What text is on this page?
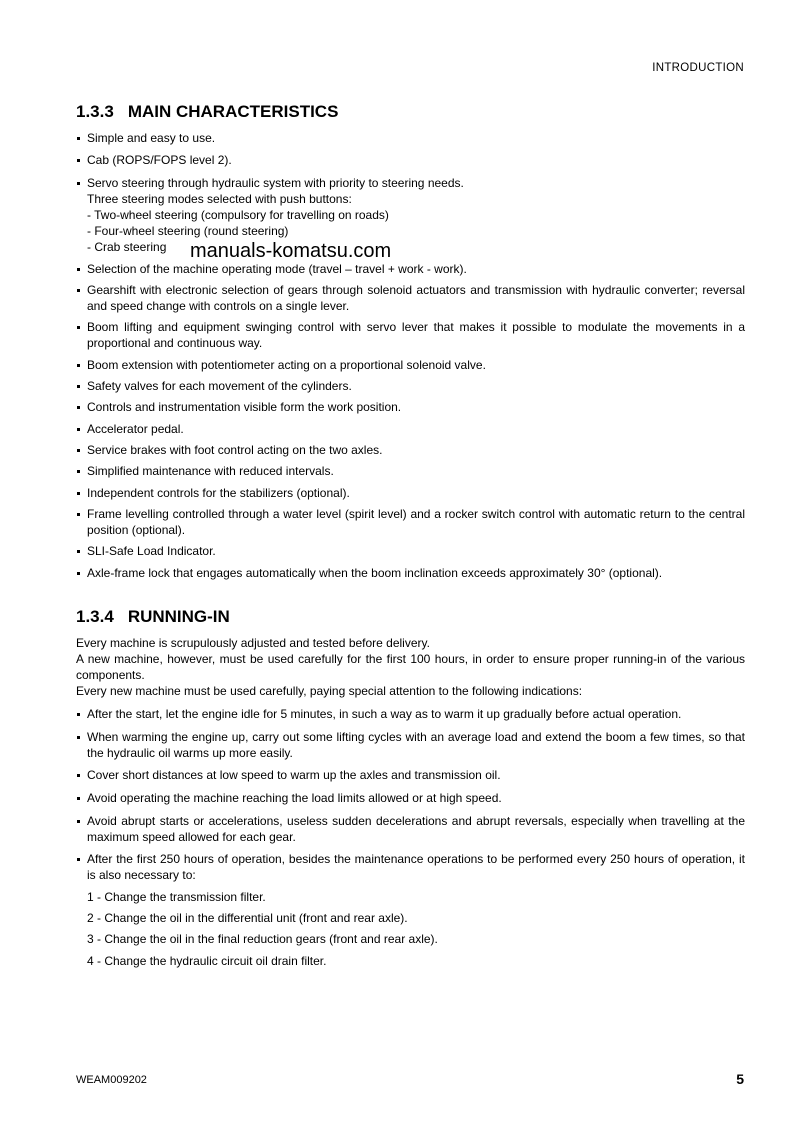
INTRODUCTION
1.3.3 MAIN CHARACTERISTICS
Simple and easy to use.
Cab (ROPS/FOPS level 2).
Servo steering through hydraulic system with priority to steering needs.
Three steering modes selected with push buttons:
- Two-wheel steering (compulsory for travelling on roads)
- Four-wheel steering (round steering)
- Crab steering
Selection of the machine operating mode (travel – travel + work - work).
Gearshift with electronic selection of gears through solenoid actuators and transmission with hydraulic converter; reversal and speed change with controls on a single lever.
Boom lifting and equipment swinging control with servo lever that makes it possible to modulate the movements in a proportional and continuous way.
Boom extension with potentiometer acting on a proportional solenoid valve.
Safety valves for each movement of the cylinders.
Controls and instrumentation visible form the work position.
Accelerator pedal.
Service brakes with foot control acting on the two axles.
Simplified maintenance with reduced intervals.
Independent controls for the stabilizers (optional).
Frame levelling controlled through a water level (spirit level) and a rocker switch control with automatic return to the central position (optional).
SLI-Safe Load Indicator.
Axle-frame lock that engages automatically when the boom inclination exceeds approximately 30° (optional).
manuals-komatsu.com
1.3.4 RUNNING-IN
Every machine is scrupulously adjusted and tested before delivery.
A new machine, however, must be used carefully for the first 100 hours, in order to ensure proper running-in of the various components.
Every new machine must be used carefully, paying special attention to the following indications:
After the start, let the engine idle for 5 minutes, in such a way as to warm it up gradually before actual operation.
When warming the engine up, carry out some lifting cycles with an average load and extend the boom a few times, so that the hydraulic oil warms up more easily.
Cover short distances at low speed to warm up the axles and transmission oil.
Avoid operating the machine reaching the load limits allowed or at high speed.
Avoid abrupt starts or accelerations, useless sudden decelerations and abrupt reversals, especially when travelling at the maximum speed allowed for each gear.
After the first 250 hours of operation, besides the maintenance operations to be performed every 250 hours of operation, it is also necessary to:
1 - Change the transmission filter.
2 - Change the oil in the differential unit (front and rear axle).
3 - Change the oil in the final reduction gears (front and rear axle).
4 - Change the hydraulic circuit oil drain filter.
WEAM009202	5
